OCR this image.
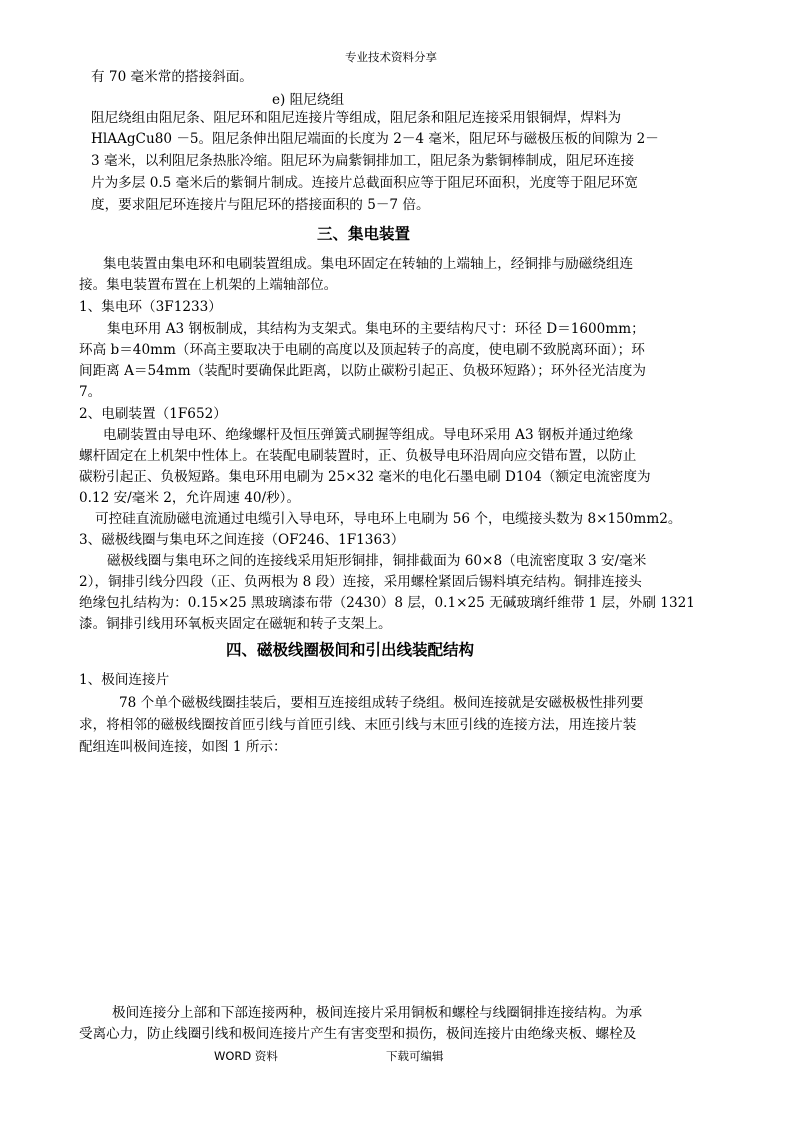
专业技术资料分享
有 70 毫米常的搭接斜面。
e) 阻尼绕组
阻尼绕组由阻尼条、阻尼环和阻尼连接片等组成，阻尼条和阻尼连接采用银铜焊，焊料为
HlAAgCu80 －5。阻尼条伸出阻尼端面的长度为 2－4 毫米，阻尼环与磁极压板的间隙为 2－
3 毫米，以利阻尼条热胀冷缩。阻尼环为扁紫铜排加工，阻尼条为紫铜棒制成，阻尼环连接
片为多层 0.5 毫米后的紫铜片制成。连接片总截面积应等于阻尼环面积，光度等于阻尼环宽
度，要求阻尼环连接片与阻尼环的搭接面积的 5－7 倍。
三、集电装置
集电装置由集电环和电刷装置组成。集电环固定在转轴的上端轴上，经铜排与励磁绕组连
接。集电装置布置在上机架的上端轴部位。
1、集电环（3F1233）
集电环用 A3 钢板制成，其结构为支架式。集电环的主要结构尺寸：环径 D＝1600mm；
环高 b＝40mm（环高主要取决于电刷的高度以及顶起转子的高度，使电刷不致脱离环面）；环
间距离 A＝54mm（装配时要确保此距离，以防止碳粉引起正、负极环短路）；环外径光洁度为
7。
2、电刷装置（1F652）
电刷装置由导电环、绝缘螺杆及恒压弹簧式刷握等组成。导电环采用 A3 钢板并通过绝缘
螺杆固定在上机架中性体上。在装配电刷装置时，正、负极导电环沿周向应交错布置，以防止
碳粉引起正、负极短路。集电环用电刷为 25×32 毫米的电化石墨电刷 D104（额定电流密度为
0.12 安/毫米 2，允许周速 40/秒）。
可控硅直流励磁电流通过电缆引入导电环，导电环上电刷为 56 个，电缆接头数为 8×150mm2。
3、磁极线圈与集电环之间连接（OF246、1F1363）
磁极线圈与集电环之间的连接线采用矩形铜排，铜排截面为 60×8（电流密度取 3 安/毫米
2），铜排引线分四段（正、负两根为 8 段）连接，采用螺栓紧固后锡料填充结构。铜排连接头
绝缘包扎结构为：0.15×25 黑玻璃漆布带（2430）8 层，0.1×25 无碱玻璃纤维带 1 层，外刷 1321
漆。铜排引线用环氧板夹固定在磁轭和转子支架上。
四、磁极线圈极间和引出线装配结构
1、极间连接片
78 个单个磁极线圈挂装后，要相互连接组成转子绕组。极间连接就是安磁极极性排列要
求，将相邻的磁极线圈按首匝引线与首匝引线、末匝引线与末匝引线的连接方法，用连接片装
配组连叫极间连接，如图 1 所示：
极间连接分上部和下部连接两种，极间连接片采用铜板和螺栓与线圈铜排连接结构。为承
受离心力，防止线圈引线和极间连接片产生有害变型和损伤，极间连接片由绝缘夹板、螺栓及
WORD 资料	下载可编辑
